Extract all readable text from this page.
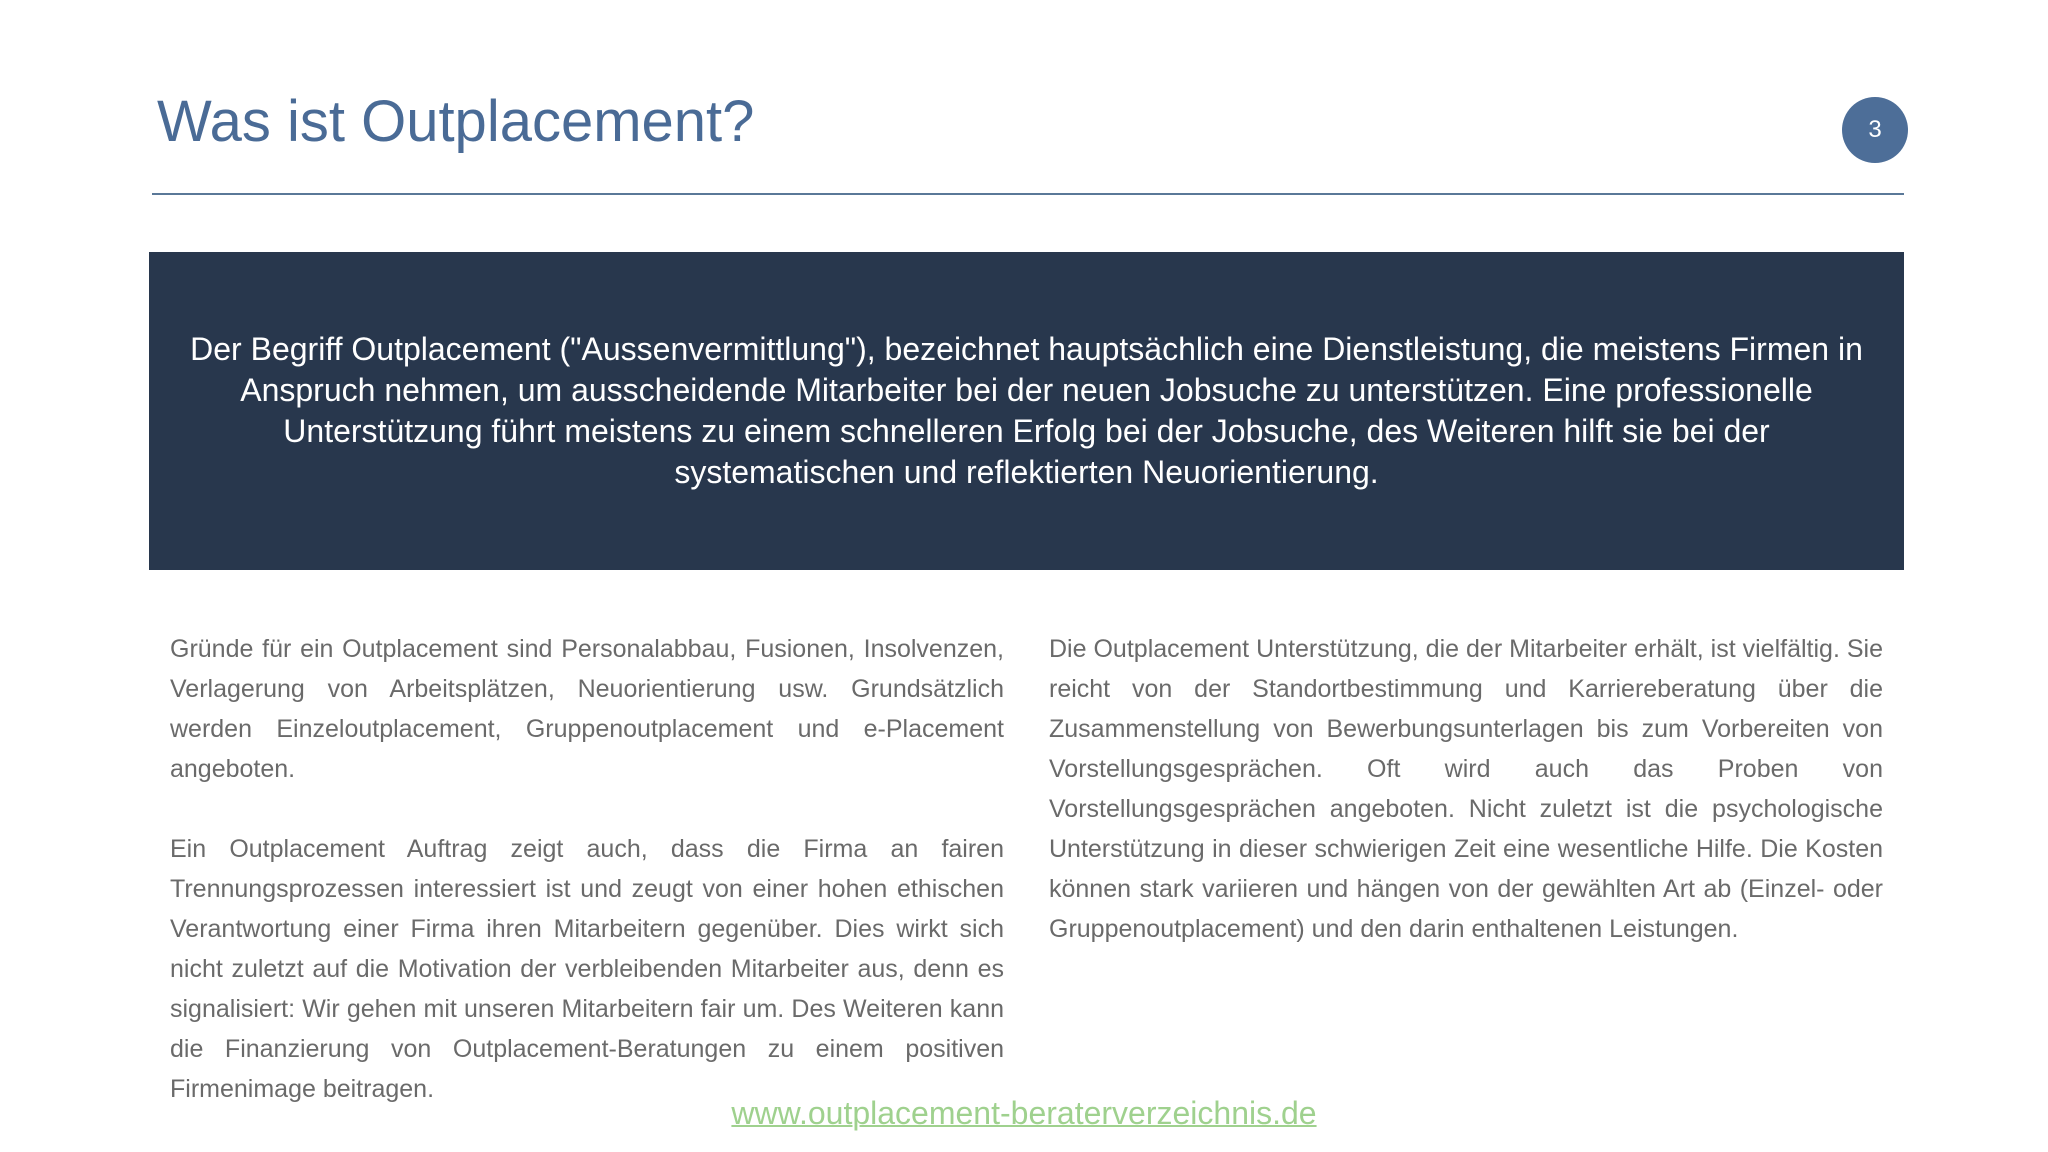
Was ist Outplacement?	3
Der Begriff Outplacement ("Aussenvermittlung"), bezeichnet hauptsächlich eine Dienstleistung, die meistens Firmen in Anspruch nehmen, um ausscheidende Mitarbeiter bei der neuen Jobsuche zu unterstützen. Eine professionelle Unterstützung führt meistens zu einem schnelleren Erfolg bei der Jobsuche, des Weiteren hilft sie bei der systematischen und reflektierten Neuorientierung.

Gründe für ein Outplacement sind Personalabbau, Fusionen, Insolvenzen, Verlagerung von Arbeitsplätzen, Neuorientierung usw. Grundsätzlich werden Einzeloutplacement, Gruppenoutplacement und e-Placement angeboten.

Ein Outplacement Auftrag zeigt auch, dass die Firma an fairen Trennungsprozessen interessiert ist und zeugt von einer hohen ethischen Verantwortung einer Firma ihren Mitarbeitern gegenüber. Dies wirkt sich nicht zuletzt auf die Motivation der verbleibenden Mitarbeiter aus, denn es signalisiert: Wir gehen mit unseren Mitarbeitern fair um. Des Weiteren kann die Finanzierung von Outplacement-Beratungen zu einem positiven Firmenimage beitragen.

Die Outplacement Unterstützung, die der Mitarbeiter erhält, ist vielfältig. Sie reicht von der Standortbestimmung und Karriereberatung über die Zusammenstellung von Bewerbungsunterlagen bis zum Vorbereiten von Vorstellungsgesprächen. Oft wird auch das Proben von Vorstellungsgesprächen angeboten. Nicht zuletzt ist die psychologische Unterstützung in dieser schwierigen Zeit eine wesentliche Hilfe. Die Kosten können stark variieren und hängen von der gewählten Art ab (Einzel- oder Gruppenoutplacement) und den darin enthaltenen Leistungen.

www.outplacement-beraterverzeichnis.de
